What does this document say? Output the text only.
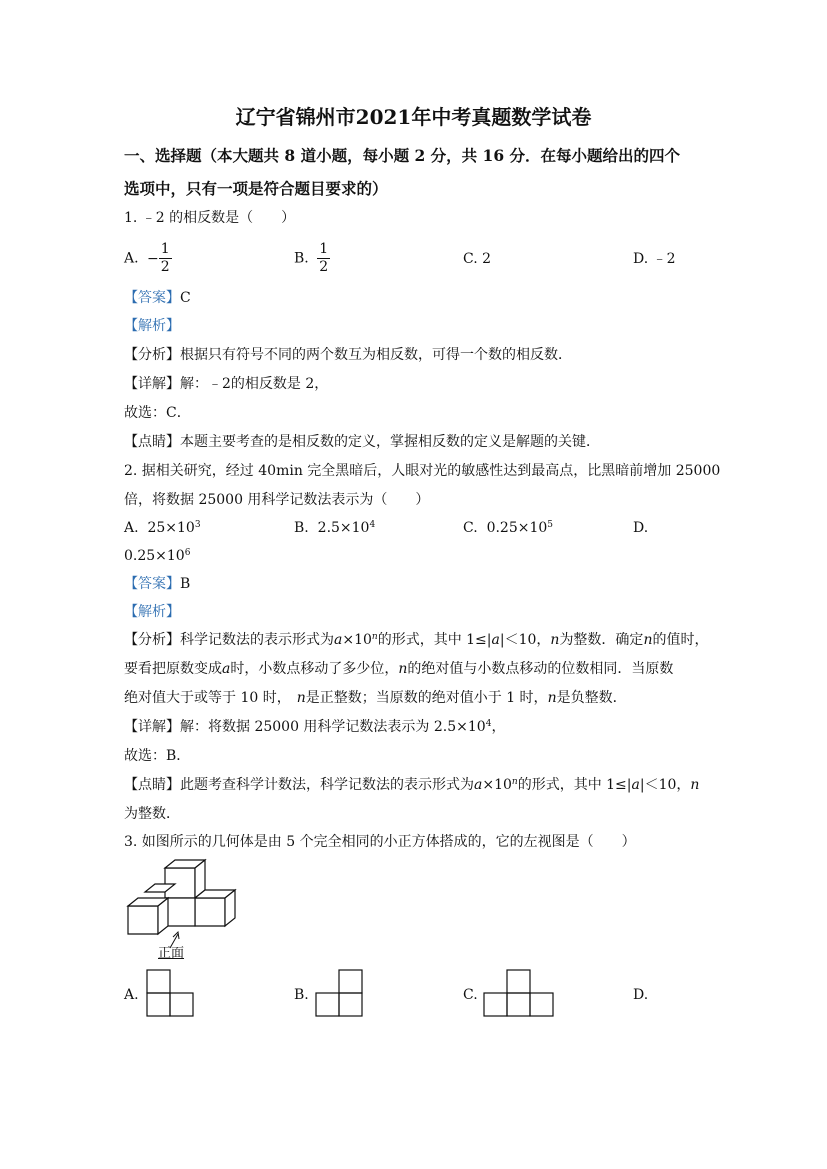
辽宁省锦州市2021年中考真题数学试卷
一、选择题（本大题共 8 道小题，每小题 2 分，共 16 分．在每小题给出的四个
选项中，只有一项是符合题目要求的）
1. ﹣2 的相反数是（　　）
A. − $\frac{1}{2}$	B. $\frac{1}{2}$	C. 2	D. ﹣2
【答案】C
【解析】
【分析】根据只有符号不同的两个数互为相反数，可得一个数的相反数．
【详解】解：﹣2的相反数是 2，
故选：C．
【点睛】本题主要考查的是相反数的定义，掌握相反数的定义是解题的关键．
2. 据相关研究，经过 40min 完全黑暗后，人眼对光的敏感性达到最高点，比黑暗前增加 25000
倍，将数据 25000 用科学记数法表示为（　　）
A. $25\times 10^3$	B. $2.5\times 10^4$	C. $0.25\times 10^5$	D.
$0.25\times 10^6$
【答案】B
【解析】
【分析】科学记数法的表示形式为$a\times 10^n$的形式，其中 1≤|a|＜10，n为整数．确定n的值时，
要看把原数变成a时，小数点移动了多少位，n的绝对值与小数点移动的位数相同．当原数
绝对值大于或等于 10 时， n是正整数；当原数的绝对值小于 1 时，n是负整数．
【详解】解：将数据 25000 用科学记数法表示为 $2.5\times 10^4$，
故选：B．
【点睛】此题考查科学计数法，科学记数法的表示形式为$a\times 10^n$的形式，其中 1≤|a|＜10，n
为整数．
3. 如图所示的几何体是由 5 个完全相同的小正方体搭成的，它的左视图是（　　）
正面
A.	B.	C.	D.
